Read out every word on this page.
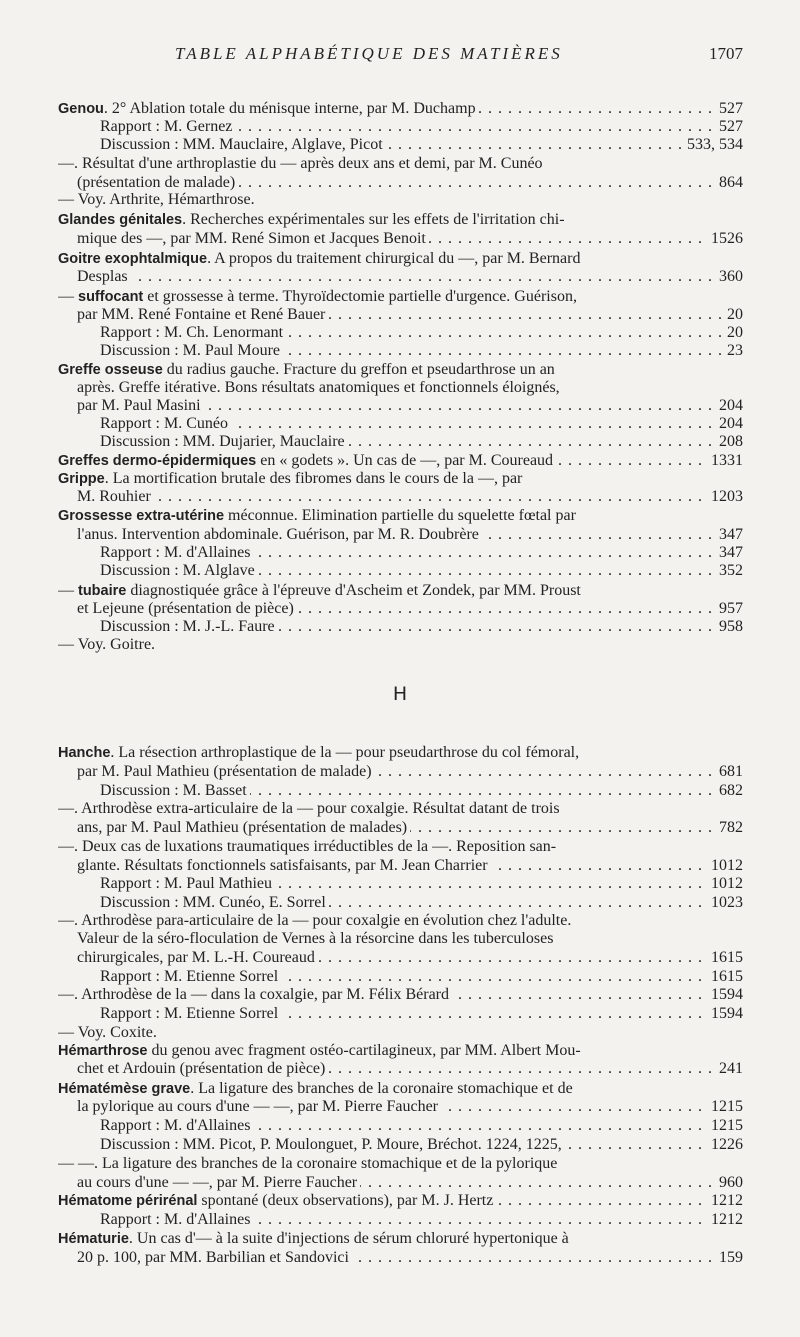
TABLE ALPHABÉTIQUE DES MATIÈRES	1707
H
. . . Genou. 2° Ablation totale du ménisque interne, par M. Duchamp	527
. . . Rapport : M. Gernez	527
. . . Discussion : MM. Mauclaire, Alglave, Picot	533, 534
—. Résultat d'une arthroplastie du — après deux ans et demi, par M. Cunéo
. . . (présentation de malade)	864
— Voy. Arthrite, Hémarthrose.
Glandes génitales. Recherches expérimentales sur les effets de l'irritation chi-
. . . mique des —, par MM. René Simon et Jacques Benoit	1526
Goitre exophtalmique. A propos du traitement chirurgical du —, par M. Bernard
. . . Desplas	360
— suffocant et grossesse à terme. Thyroïdectomie partielle d'urgence. Guérison,
. . . par MM. René Fontaine et René Bauer	20
. . . Rapport : M. Ch. Lenormant	20
. . . Discussion : M. Paul Moure	23
Greffe osseuse du radius gauche. Fracture du greffon et pseudarthrose un an
après. Greffe itérative. Bons résultats anatomiques et fonctionnels éloignés,
. . . par M. Paul Masini	204
. . . Rapport : M. Cunéo	204
. . . Discussion : MM. Dujarier, Mauclaire	208
. . . Greffes dermo-épidermiques en « godets ». Un cas de —, par M. Coureaud	1331
Grippe. La mortification brutale des fibromes dans le cours de la —, par
. . . M. Rouhier	1203
Grossesse extra-utérine méconnue. Elimination partielle du squelette fœtal par
. . . l'anus. Intervention abdominale. Guérison, par M. R. Doubrère	347
. . . Rapport : M. d'Allaines	347
. . . Discussion : M. Alglave	352
— tubaire diagnostiquée grâce à l'épreuve d'Ascheim et Zondek, par MM. Proust
. . . et Lejeune (présentation de pièce)	957
. . . Discussion : M. J.-L. Faure	958
— Voy. Goitre.
Hanche. La résection arthroplastique de la — pour pseudarthrose du col fémoral,
. . . par M. Paul Mathieu (présentation de malade)	681
. . . Discussion : M. Basset	682
—. Arthrodèse extra-articulaire de la — pour coxalgie. Résultat datant de trois
. . . ans, par M. Paul Mathieu (présentation de malades)	782
—. Deux cas de luxations traumatiques irréductibles de la —. Reposition san-
. . . glante. Résultats fonctionnels satisfaisants, par M. Jean Charrier	1012
. . . Rapport : M. Paul Mathieu	1012
. . . Discussion : MM. Cunéo, E. Sorrel	1023
—. Arthrodèse para-articulaire de la — pour coxalgie en évolution chez l'adulte.
Valeur de la séro-floculation de Vernes à la résorcine dans les tuberculoses
. . . chirurgicales, par M. L.-H. Coureaud	1615
. . . Rapport : M. Etienne Sorrel	1615
. . . —. Arthrodèse de la — dans la coxalgie, par M. Félix Bérard	1594
. . . Rapport : M. Etienne Sorrel	1594
— Voy. Coxite.
Hémarthrose du genou avec fragment ostéo-cartilagineux, par MM. Albert Mou-
. . . chet et Ardouin (présentation de pièce)	241
Hématémèse grave. La ligature des branches de la coronaire stomachique et de
. . . la pylorique au cours d'une — —, par M. Pierre Faucher	1215
. . . Rapport : M. d'Allaines	1215
. . . Discussion : MM. Picot, P. Moulonguet, P. Moure, Bréchot. 1224, 1225,	1226
— —. La ligature des branches de la coronaire stomachique et de la pylorique
. . . au cours d'une — —, par M. Pierre Faucher	960
. . . Hématome périrénal spontané (deux observations), par M. J. Hertz	1212
. . . Rapport : M. d'Allaines	1212
Hématurie. Un cas d'— à la suite d'injections de sérum chloruré hypertonique à
. . . 20 p. 100, par MM. Barbilian et Sandovici	159
